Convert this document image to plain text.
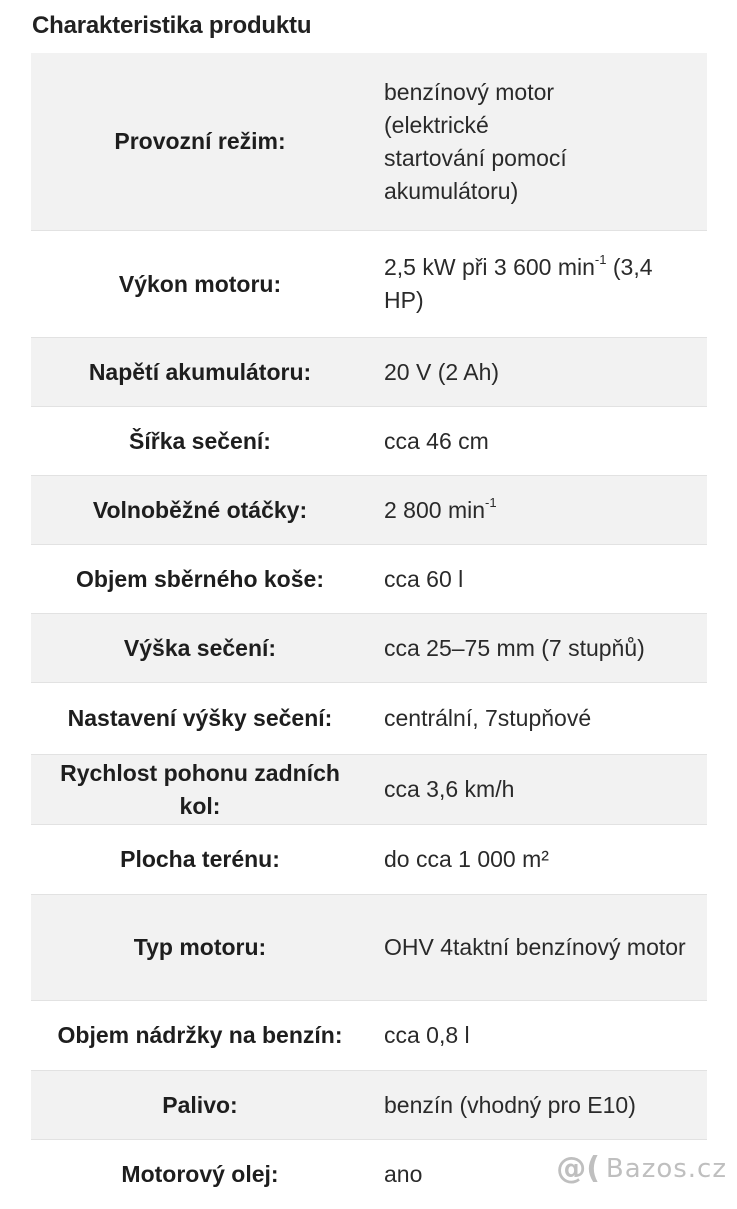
Charakteristika produktu
Provozní režim:
benzínový motor
(elektrické
startování pomocí
akumulátoru)
Výkon motoru:
2,5 kW při 3 600 $\min^{-1} (3,4$ HP)
Napětí akumulátoru:	20 V (2 Ah)
Šířka sečení:	cca 46 cm
Volnoběžné otáčky:	2 800 $\min^{-1}$
Objem sběrného koše:	cca 60 l
Výška sečení:	cca 25–75 mm (7 stupňů)
Nastavení výšky sečení:	centrální, 7stupňové
Rychlost pohonu zadních kol:
cca 3,6 km/h
Plocha terénu:	do cca 1 000 m²
Typ motoru:	OHV 4taktní benzínový motor
Objem nádržky na benzín:	cca 0,8 l
Palivo:	benzín (vhodný pro E10)
Motorový olej:	ano	@( Bazos.cz
